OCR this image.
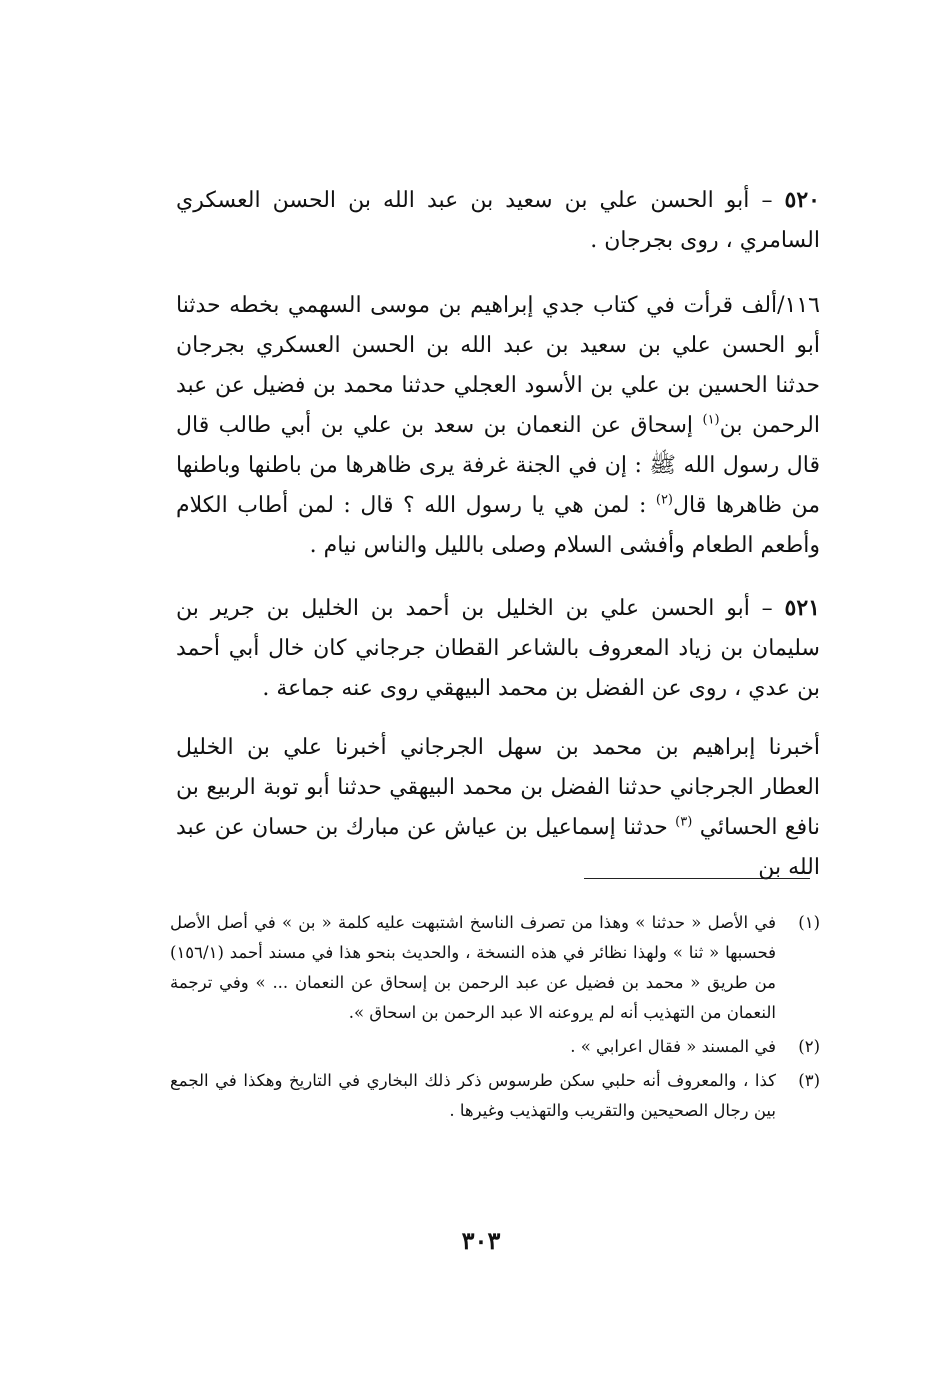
٥٢٠ – أبو الحسن علي بن سعيد بن عبد الله بن الحسن العسكري السامري ، روى بجرجان .

١١٦/ألف قرأت في كتاب جدي إبراهيم بن موسى السهمي بخطه حدثنا أبو الحسن علي بن سعيد بن عبد الله بن الحسن العسكري بجرجان حدثنا الحسين بن علي بن الأسود العجلي حدثنا محمد بن فضيل عن عبد الرحمن بن$^{(١)}$ إسحاق عن النعمان بن سعد بن علي بن أبي طالب قال قال رسول الله ﷺ : إن في الجنة غرفة يرى ظاهرها من باطنها وباطنها من ظاهرها قال$^{(٢)}$ : لمن هي يا رسول الله ؟ قال : لمن أطاب الكلام وأطعم الطعام وأفشى السلام وصلى بالليل والناس نيام .

٥٢١ – أبو الحسن علي بن الخليل بن أحمد بن الخليل بن جرير بن سليمان بن زياد المعروف بالشاعر القطان جرجاني كان خال أبي أحمد بن عدي ، روى عن الفضل بن محمد البيهقي روى عنه جماعة .

أخبرنا إبراهيم بن محمد بن سهل الجرجاني أخبرنا علي بن الخليل العطار الجرجاني حدثنا الفضل بن محمد البيهقي حدثنا أبو توبة الربيع بن نافع الحسائي $^{(٣)}$ حدثنا إسماعيل بن عياش عن مبارك بن حسان عن عبد الله بن

(١)
في الأصل « حدثنا » وهذا من تصرف الناسخ اشتبهت عليه كلمة « بن » في أصل الأصل فحسبها « ثنا » ولهذا نظائر في هذه النسخة ، والحديث بنحو هذا في مسند أحمد (١٥٦/١) من طريق « محمد بن فضيل عن عبد الرحمن بن إسحاق عن النعمان ... » وفي ترجمة النعمان من التهذيب أنه لم يروعنه الا عبد الرحمن بن اسحاق ».
(٢)
في المسند « فقال اعرابي » .
(٣)
كذا ، والمعروف أنه حلبي سكن طرسوس ذكر ذلك البخاري في التاريخ وهكذا في الجمع بين رجال الصحيحين والتقريب والتهذيب وغيرها .
٣٠٣
